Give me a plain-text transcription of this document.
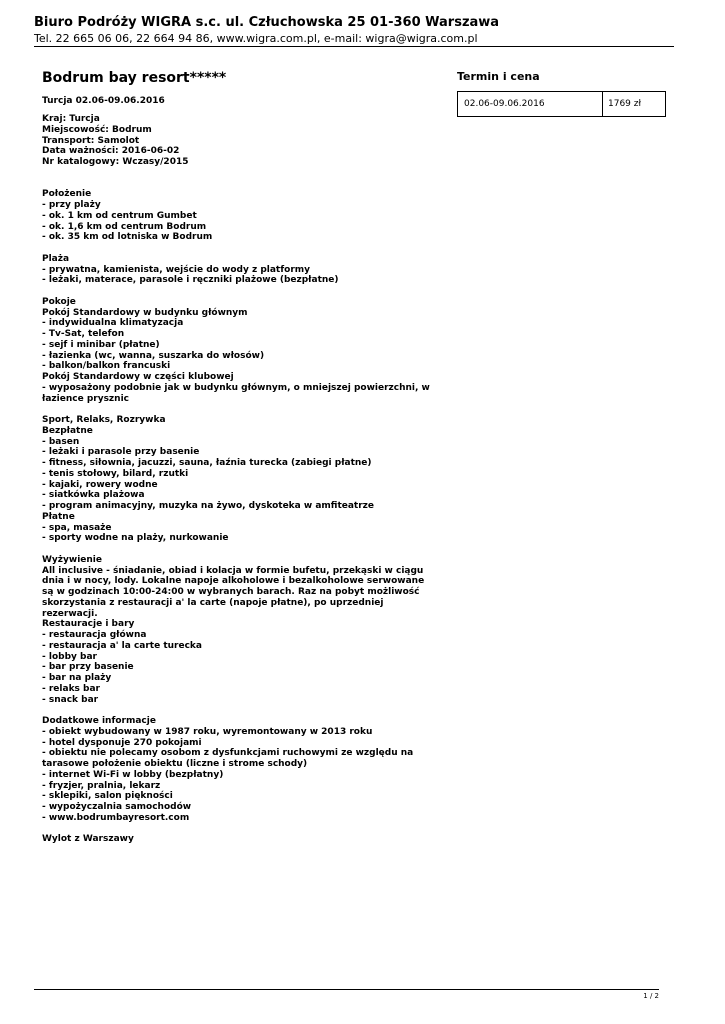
Biuro Podróży WIGRA s.c. ul. Człuchowska 25 01-360 Warszawa

Tel. 22 665 06 06, 22 664 94 86, www.wigra.com.pl, e-mail: wigra@wigra.com.pl

Bodrum bay resort*****

Turcja 02.06-09.06.2016

Kraj: Turcja
Miejscowość: Bodrum
Transport: Samolot
Data ważności: 2016-06-02
Nr katalogowy: Wczasy/2015
Położenie
- przy plaży
- ok. 1 km od centrum Gumbet
- ok. 1,6 km od centrum Bodrum
- ok. 35 km od lotniska w Bodrum
Plaża
- prywatna, kamienista, wejście do wody z platformy
- leżaki, materace, parasole i ręczniki plażowe (bezpłatne)
Pokoje
Pokój Standardowy w budynku głównym
- indywidualna klimatyzacja
- Tv-Sat, telefon
- sejf i minibar (płatne)
- łazienka (wc, wanna, suszarka do włosów)
- balkon/balkon francuski
Pokój Standardowy w części klubowej
- wyposażony podobnie jak w budynku głównym, o mniejszej powierzchni, w łazience prysznic
Sport, Relaks, Rozrywka
Bezpłatne
- basen
- leżaki i parasole przy basenie
- fitness, siłownia, jacuzzi, sauna, łaźnia turecka (zabiegi płatne)
- tenis stołowy, bilard, rzutki
- kajaki, rowery wodne
- siatkówka plażowa
- program animacyjny, muzyka na żywo, dyskoteka w amfiteatrze
Płatne
- spa, masaże
- sporty wodne na plaży, nurkowanie
Wyżywienie
All inclusive - śniadanie, obiad i kolacja w formie bufetu, przekąski w ciągu dnia i w nocy, lody. Lokalne napoje alkoholowe i bezalkoholowe serwowane są w godzinach 10:00-24:00 w wybranych barach. Raz na pobyt możliwość skorzystania z restauracji a' la carte (napoje płatne), po uprzedniej rezerwacji.
Restauracje i bary
- restauracja główna
- restauracja a' la carte turecka
- lobby bar
- bar przy basenie
- bar na plaży
- relaks bar
- snack bar
Dodatkowe informacje
- obiekt wybudowany w 1987 roku, wyremontowany w 2013 roku
- hotel dysponuje 270 pokojami
- obiektu nie polecamy osobom z dysfunkcjami ruchowymi ze względu na tarasowe położenie obiektu (liczne i strome schody)
- internet Wi-Fi w lobby (bezpłatny)
- fryzjer, pralnia, lekarz
- sklepiki, salon piękności
- wypożyczalnia samochodów
- www.bodrumbayresort.com
Wylot z Warszawy
Termin i cena
02.06-09.06.2016	1769 zł
1 / 2
